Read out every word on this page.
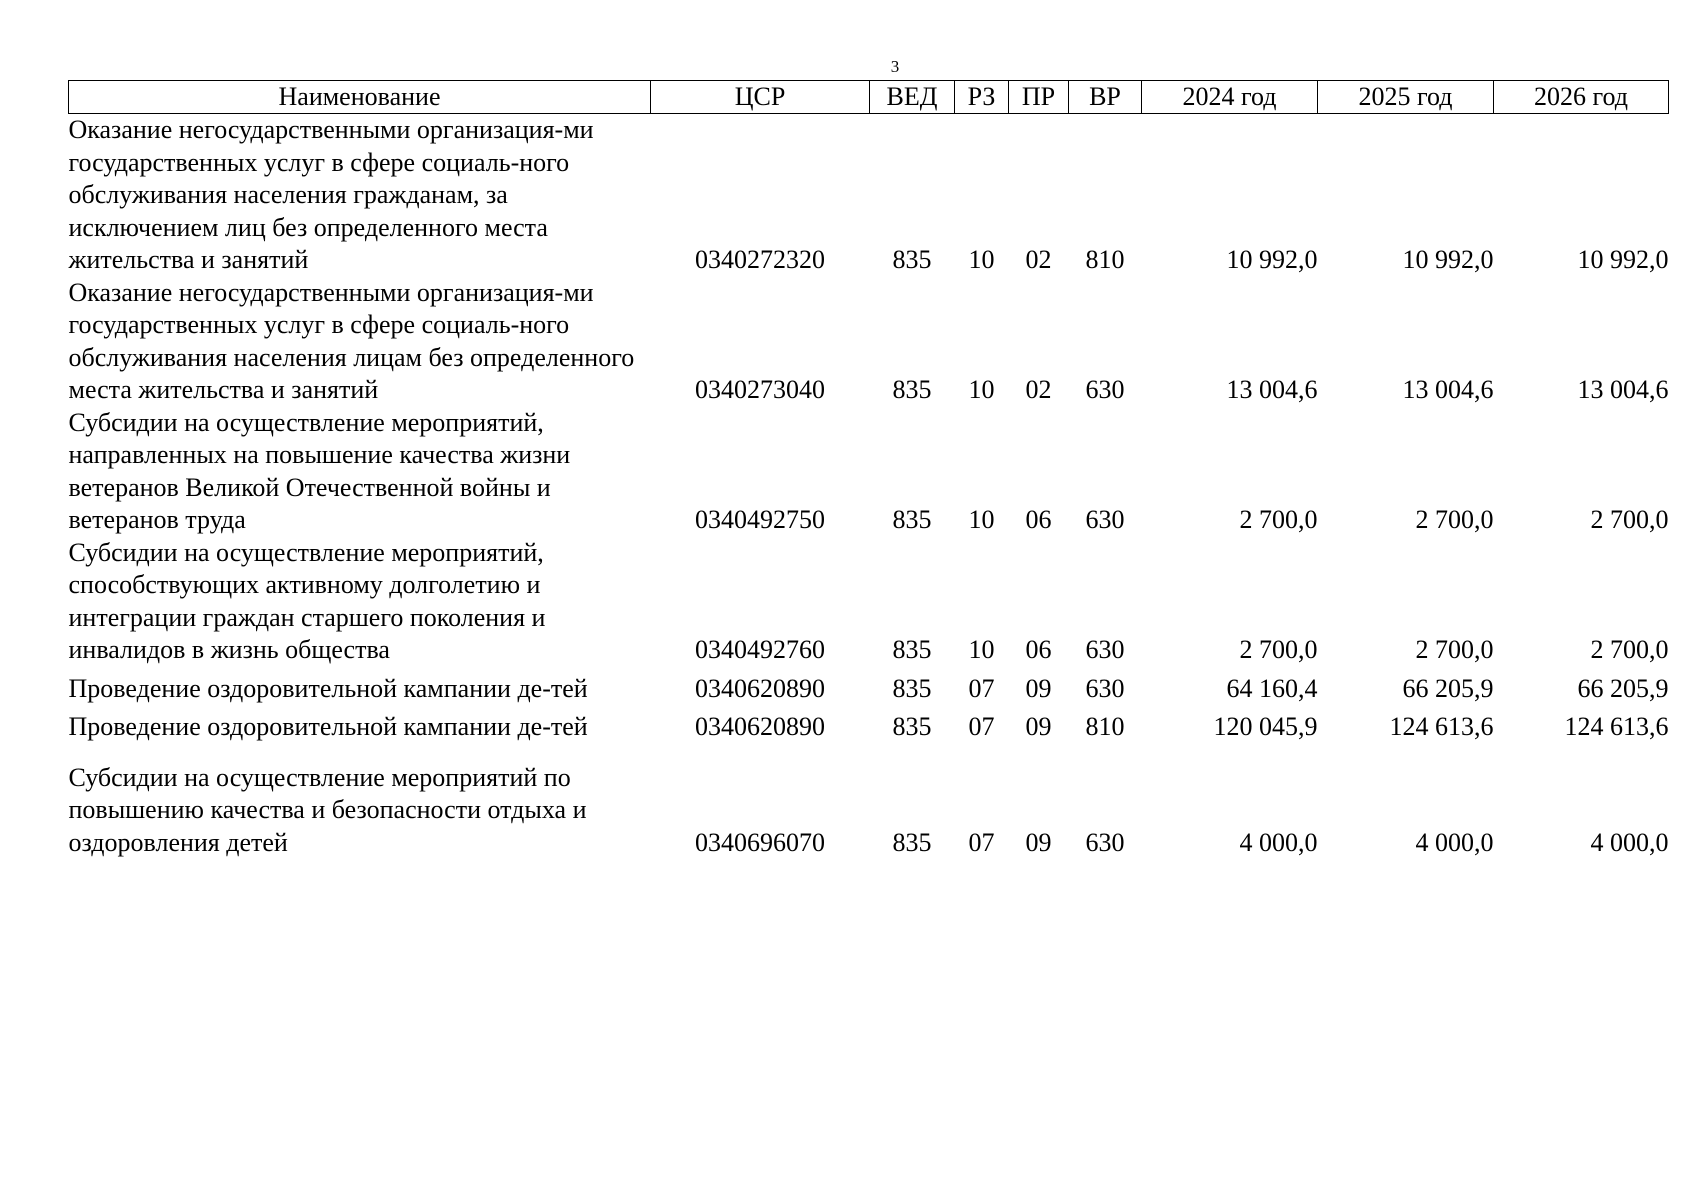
3
Наименование	ЦСР	ВЕД	РЗ	ПР	ВР	2024 год	2025 год	2026 год
Оказание негосударственными организация-ми государственных услуг в сфере социаль-ного обслуживания населения гражданам, за исключением лиц без определенного места жительства и занятий	0340272320	835	10	02	810	10 992,0	10 992,0	10 992,0
Оказание негосударственными организация-ми государственных услуг в сфере социаль-ного обслуживания населения лицам без определенного места жительства и занятий	0340273040	835	10	02	630	13 004,6	13 004,6	13 004,6
Субсидии на осуществление мероприятий, направленных на повышение качества жизни ветеранов Великой Отечественной войны и ветеранов труда	0340492750	835	10	06	630	2 700,0	2 700,0	2 700,0
Субсидии на осуществление мероприятий, способствующих активному долголетию и интеграции граждан старшего поколения и инвалидов в жизнь общества	0340492760	835	10	06	630	2 700,0	2 700,0	2 700,0
Проведение оздоровительной кампании де-тей	0340620890	835	07	09	630	64 160,4	66 205,9	66 205,9
Проведение оздоровительной кампании де-тей	0340620890	835	07	09	810	120 045,9	124 613,6	124 613,6
Субсидии на осуществление мероприятий по повышению качества и безопасности отдыха и оздоровления детей	0340696070	835	07	09	630	4 000,0	4 000,0	4 000,0
